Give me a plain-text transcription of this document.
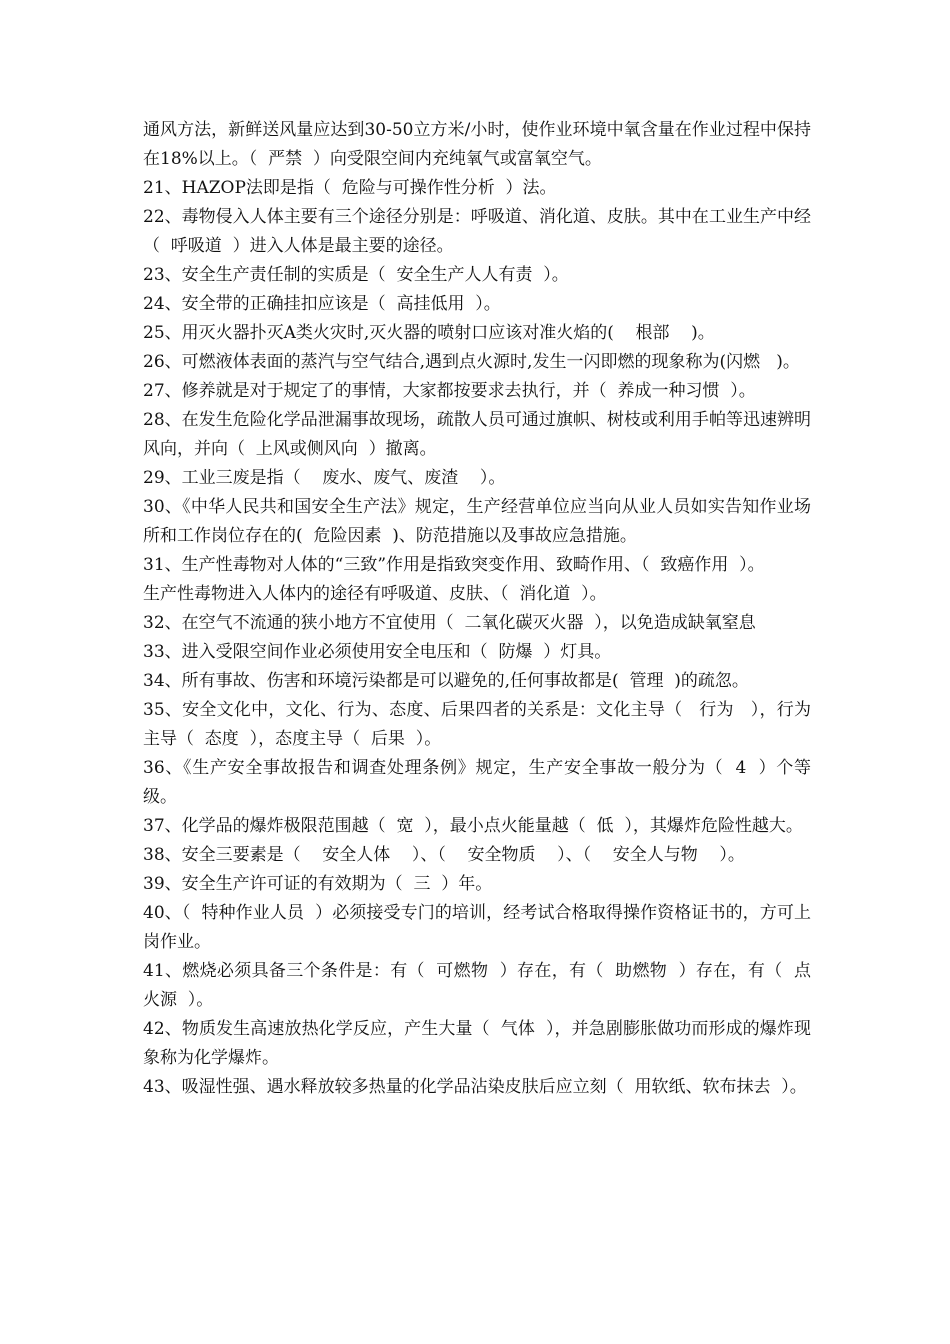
通风方法，新鲜送风量应达到30-50立方米/小时，使作业环境中氧含量在作业过程中保持在18%以上。（  严禁  ）向受限空间内充纯氧气或富氧空气。

21、HAZOP法即是指（  危险与可操作性分析  ）法。

22、毒物侵入人体主要有三个途径分别是：呼吸道、消化道、皮肤。其中在工业生产中经（  呼吸道  ）进入人体是最主要的途径。

23、安全生产责任制的实质是（  安全生产人人有责  ）。

24、安全带的正确挂扣应该是（  高挂低用  ）。

25、用灭火器扑灭A类火灾时,灭火器的喷射口应该对准火焰的(    根部    )。

26、可燃液体表面的蒸汽与空气结合,遇到点火源时,发生一闪即燃的现象称为(闪燃   )。

27、修养就是对于规定了的事情，大家都按要求去执行，并（  养成一种习惯  ）。

28、在发生危险化学品泄漏事故现场，疏散人员可通过旗帜、树枝或利用手帕等迅速辨明风向，并向（  上风或侧风向  ）撤离。

29、工业三废是指（    废水、废气、废渣    ）。

30、《中华人民共和国安全生产法》规定，生产经营单位应当向从业人员如实告知作业场所和工作岗位存在的(  危险因素  )、防范措施以及事故应急措施。

31、生产性毒物对人体的“三致”作用是指致突变作用、致畸作用、（  致癌作用  ）。

生产性毒物进入人体内的途径有呼吸道、皮肤、（  消化道  ）。

32、在空气不流通的狭小地方不宜使用（  二氧化碳灭火器  ），以免造成缺氧窒息

33、进入受限空间作业必须使用安全电压和（  防爆  ）灯具。

34、所有事故、伤害和环境污染都是可以避免的,任何事故都是(  管理  )的疏忽。

35、安全文化中，文化、行为、态度、后果四者的关系是：文化主导（   行为   ），行为主导（  态度  ），态度主导（  后果  ）。

36、《生产安全事故报告和调查处理条例》规定，生产安全事故一般分为（  4  ）个等级。

37、化学品的爆炸极限范围越（  宽  ），最小点火能量越（  低  ），其爆炸危险性越大。

38、安全三要素是（    安全人体    ）、（    安全物质    ）、（    安全人与物    ）。

39、安全生产许可证的有效期为（  三  ）年。

40、（  特种作业人员  ）必须接受专门的培训，经考试合格取得操作资格证书的，方可上岗作业。

41、燃烧必须具备三个条件是：有（  可燃物  ）存在，有（  助燃物  ）存在，有（  点火源  ）。

42、物质发生高速放热化学反应，产生大量（  气体  ），并急剧膨胀做功而形成的爆炸现象称为化学爆炸。

43、吸湿性强、遇水释放较多热量的化学品沾染皮肤后应立刻（  用软纸、软布抹去  ）。
